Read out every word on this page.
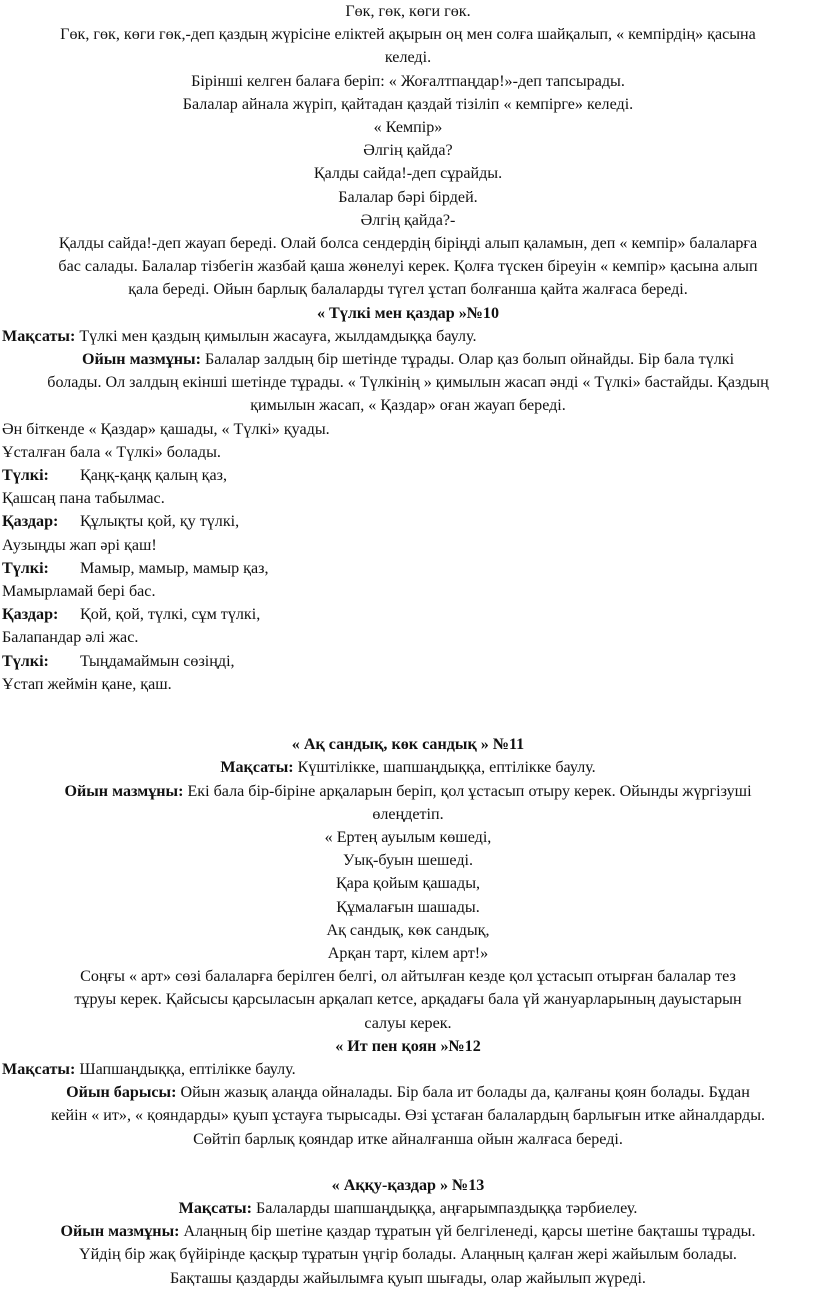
Гөк, гөк, көги гөк.
Гөк, гөк, көги гөк,-деп қаздың жүрісіне еліктей ақырын оң мен солға шайқалып, « кемпірдің» қасына
келеді.
Бірінші келген балаға беріп: « Жоғалтпаңдар!»-деп тапсырады.
Балалар айнала жүріп, қайтадан қаздай тізіліп « кемпірге» келеді.
« Кемпір»
Әлгің қайда?
Қалды сайда!-деп сұрайды.
Балалар бәрі бірдей.
Әлгің қайда?-
Қалды сайда!-деп жауап береді. Олай болса сендердің біріңді алып қаламын, деп « кемпір» балаларға
бас салады. Балалар тізбегін жазбай қаша жөнелуі керек. Қолға түскен біреуін « кемпір» қасына алып
қала береді. Ойын барлық балаларды түгел ұстап болғанша қайта жалғаса береді.
« Түлкі мен қаздар »№10
Мақсаты: Түлкі мен қаздың қимылын жасауға, жылдамдыққа баулу.
Ойын мазмұны: Балалар залдың бір шетінде тұрады. Олар қаз болып ойнайды. Бір бала түлкі
болады. Ол залдың екінші шетінде тұрады. « Түлкінің » қимылын жасап әнді « Түлкі» бастайды. Қаздың
қимылын жасап, « Қаздар» оған жауап береді.
Ән біткенде « Қаздар» қашады, « Түлкі» қуады.
Ұсталған бала « Түлкі» болады.
Түлкі: Қаңқ-қаңқ қалың қаз,
Қашсаң пана табылмас.
Қаздар: Құлықты қой, қу түлкі,
Аузыңды жап әрі қаш!
Түлкі: Мамыр, мамыр, мамыр қаз,
Мамырламай бері бас.
Қаздар: Қой, қой, түлкі, сұм түлкі,
Балапандар әлі жас.
Түлкі: Тыңдамаймын сөзіңді,
Ұстап жеймін қане, қаш.
« Ақ сандық, көк сандық » №11
Мақсаты: Күштілікке, шапшаңдыққа, ептілікке баулу.
Ойын мазмұны: Екі бала бір-біріне арқаларын беріп, қол ұстасып отыру керек. Ойынды жүргізуші
өлеңдетіп.
« Ертең ауылым көшеді,
Уық-буын шешеді.
Қара қойым қашады,
Құмалағын шашады.
Ақ сандық, көк сандық,
Арқан тарт, кілем арт!»
Соңғы « арт» сөзі балаларға берілген белгі, ол айтылған кезде қол ұстасып отырған балалар тез
тұруы керек. Қайсысы қарсыласын арқалап кетсе, арқадағы бала үй жануарларының дауыстарын
салуы керек.
« Ит пен қоян »№12
Мақсаты: Шапшаңдыққа, ептілікке баулу.
Ойын барысы: Ойын жазық алаңда ойналады. Бір бала ит болады да, қалғаны қоян болады. Бұдан
кейін « ит», « қояндарды» қуып ұстауға тырысады. Өзі ұстаған балалардың барлығын итке айналдарды.
Сөйтіп барлық қояндар итке айналғанша ойын жалғаса береді.
« Аққу-қаздар » №13
Мақсаты: Балаларды шапшаңдыққа, аңғарымпаздыққа тәрбиелеу.
Ойын мазмұны: Алаңның бір шетіне қаздар тұратын үй белгіленеді, қарсы шетіне бақташы тұрады.
Үйдің бір жақ бүйірінде қасқыр тұратын үңгір болады. Алаңның қалған жері жайылым болады.
Бақташы қаздарды жайылымға қуып шығады, олар жайылып жүреді.
